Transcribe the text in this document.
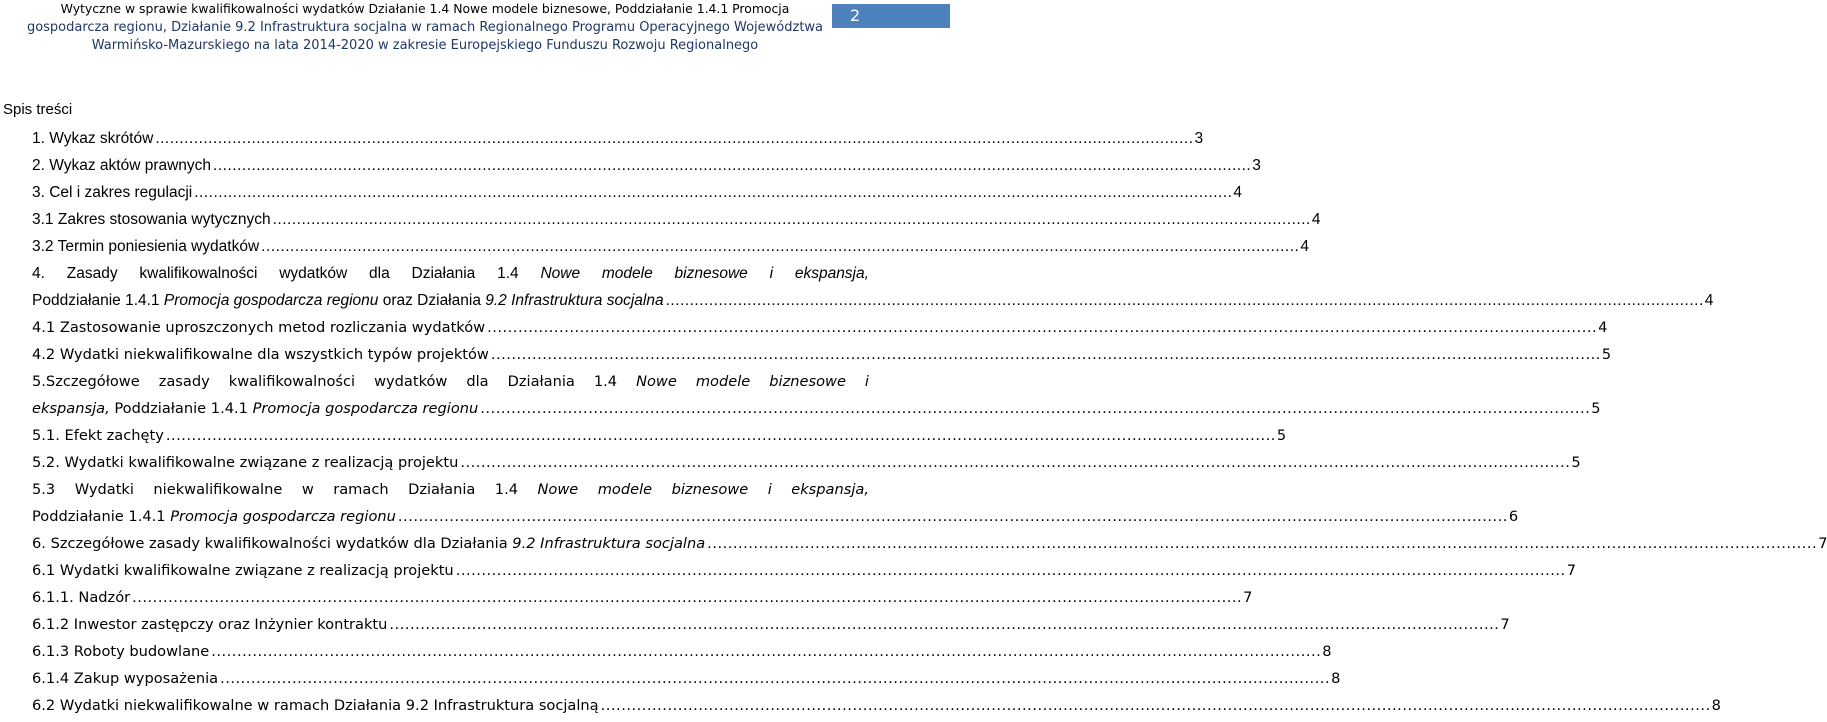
Wytyczne w sprawie kwalifikowalności wydatków Działanie 1.4 Nowe modele biznesowe, Poddziałanie 1.4.1 Promocja
gospodarcza regionu, Działanie 9.2 Infrastruktura socjalna w ramach Regionalnego Programu Operacyjnego Województwa
Warmińsko-Mazurskiego na lata 2014-2020 w zakresie Europejskiego Funduszu Rozwoju Regionalnego
2
Spis treści
1. Wykaz skrótów .....	3
2. Wykaz aktów prawnych .....	3
3. Cel i zakres regulacji .....	4
3.1 Zakres stosowania wytycznych .....	4
3.2 Termin poniesienia wydatków .....	4
4. Zasady kwalifikowalności wydatków dla Działania 1.4 Nowe modele biznesowe i ekspansja,
Poddziałanie 1.4.1 Promocja gospodarcza regionu oraz Działania 9.2 Infrastruktura socjalna .....	4
4.1 Zastosowanie uproszczonych metod rozliczania wydatków .....	4
4.2 Wydatki niekwalifikowalne dla wszystkich typów projektów .....	5
5.Szczegółowe zasady kwalifikowalności wydatków dla Działania 1.4 Nowe modele biznesowe i
ekspansja, Poddziałanie 1.4.1 Promocja gospodarcza regionu .....	5
5.1. Efekt zachęty .....	5
5.2. Wydatki kwalifikowalne związane z realizacją projektu .....	5
5.3 Wydatki niekwalifikowalne w ramach Działania 1.4 Nowe modele biznesowe i ekspansja,
Poddziałanie 1.4.1 Promocja gospodarcza regionu .....	6
6. Szczegółowe zasady kwalifikowalności wydatków dla Działania 9.2 Infrastruktura socjalna .....	7
6.1 Wydatki kwalifikowalne związane z realizacją projektu .....	7
6.1.1. Nadzór .....	7
6.1.2 Inwestor zastępczy oraz Inżynier kontraktu .....	7
6.1.3 Roboty budowlane .....	8
6.1.4 Zakup wyposażenia .....	8
6.2 Wydatki niekwalifikowalne w ramach Działania 9.2 Infrastruktura socjalną .....	8
